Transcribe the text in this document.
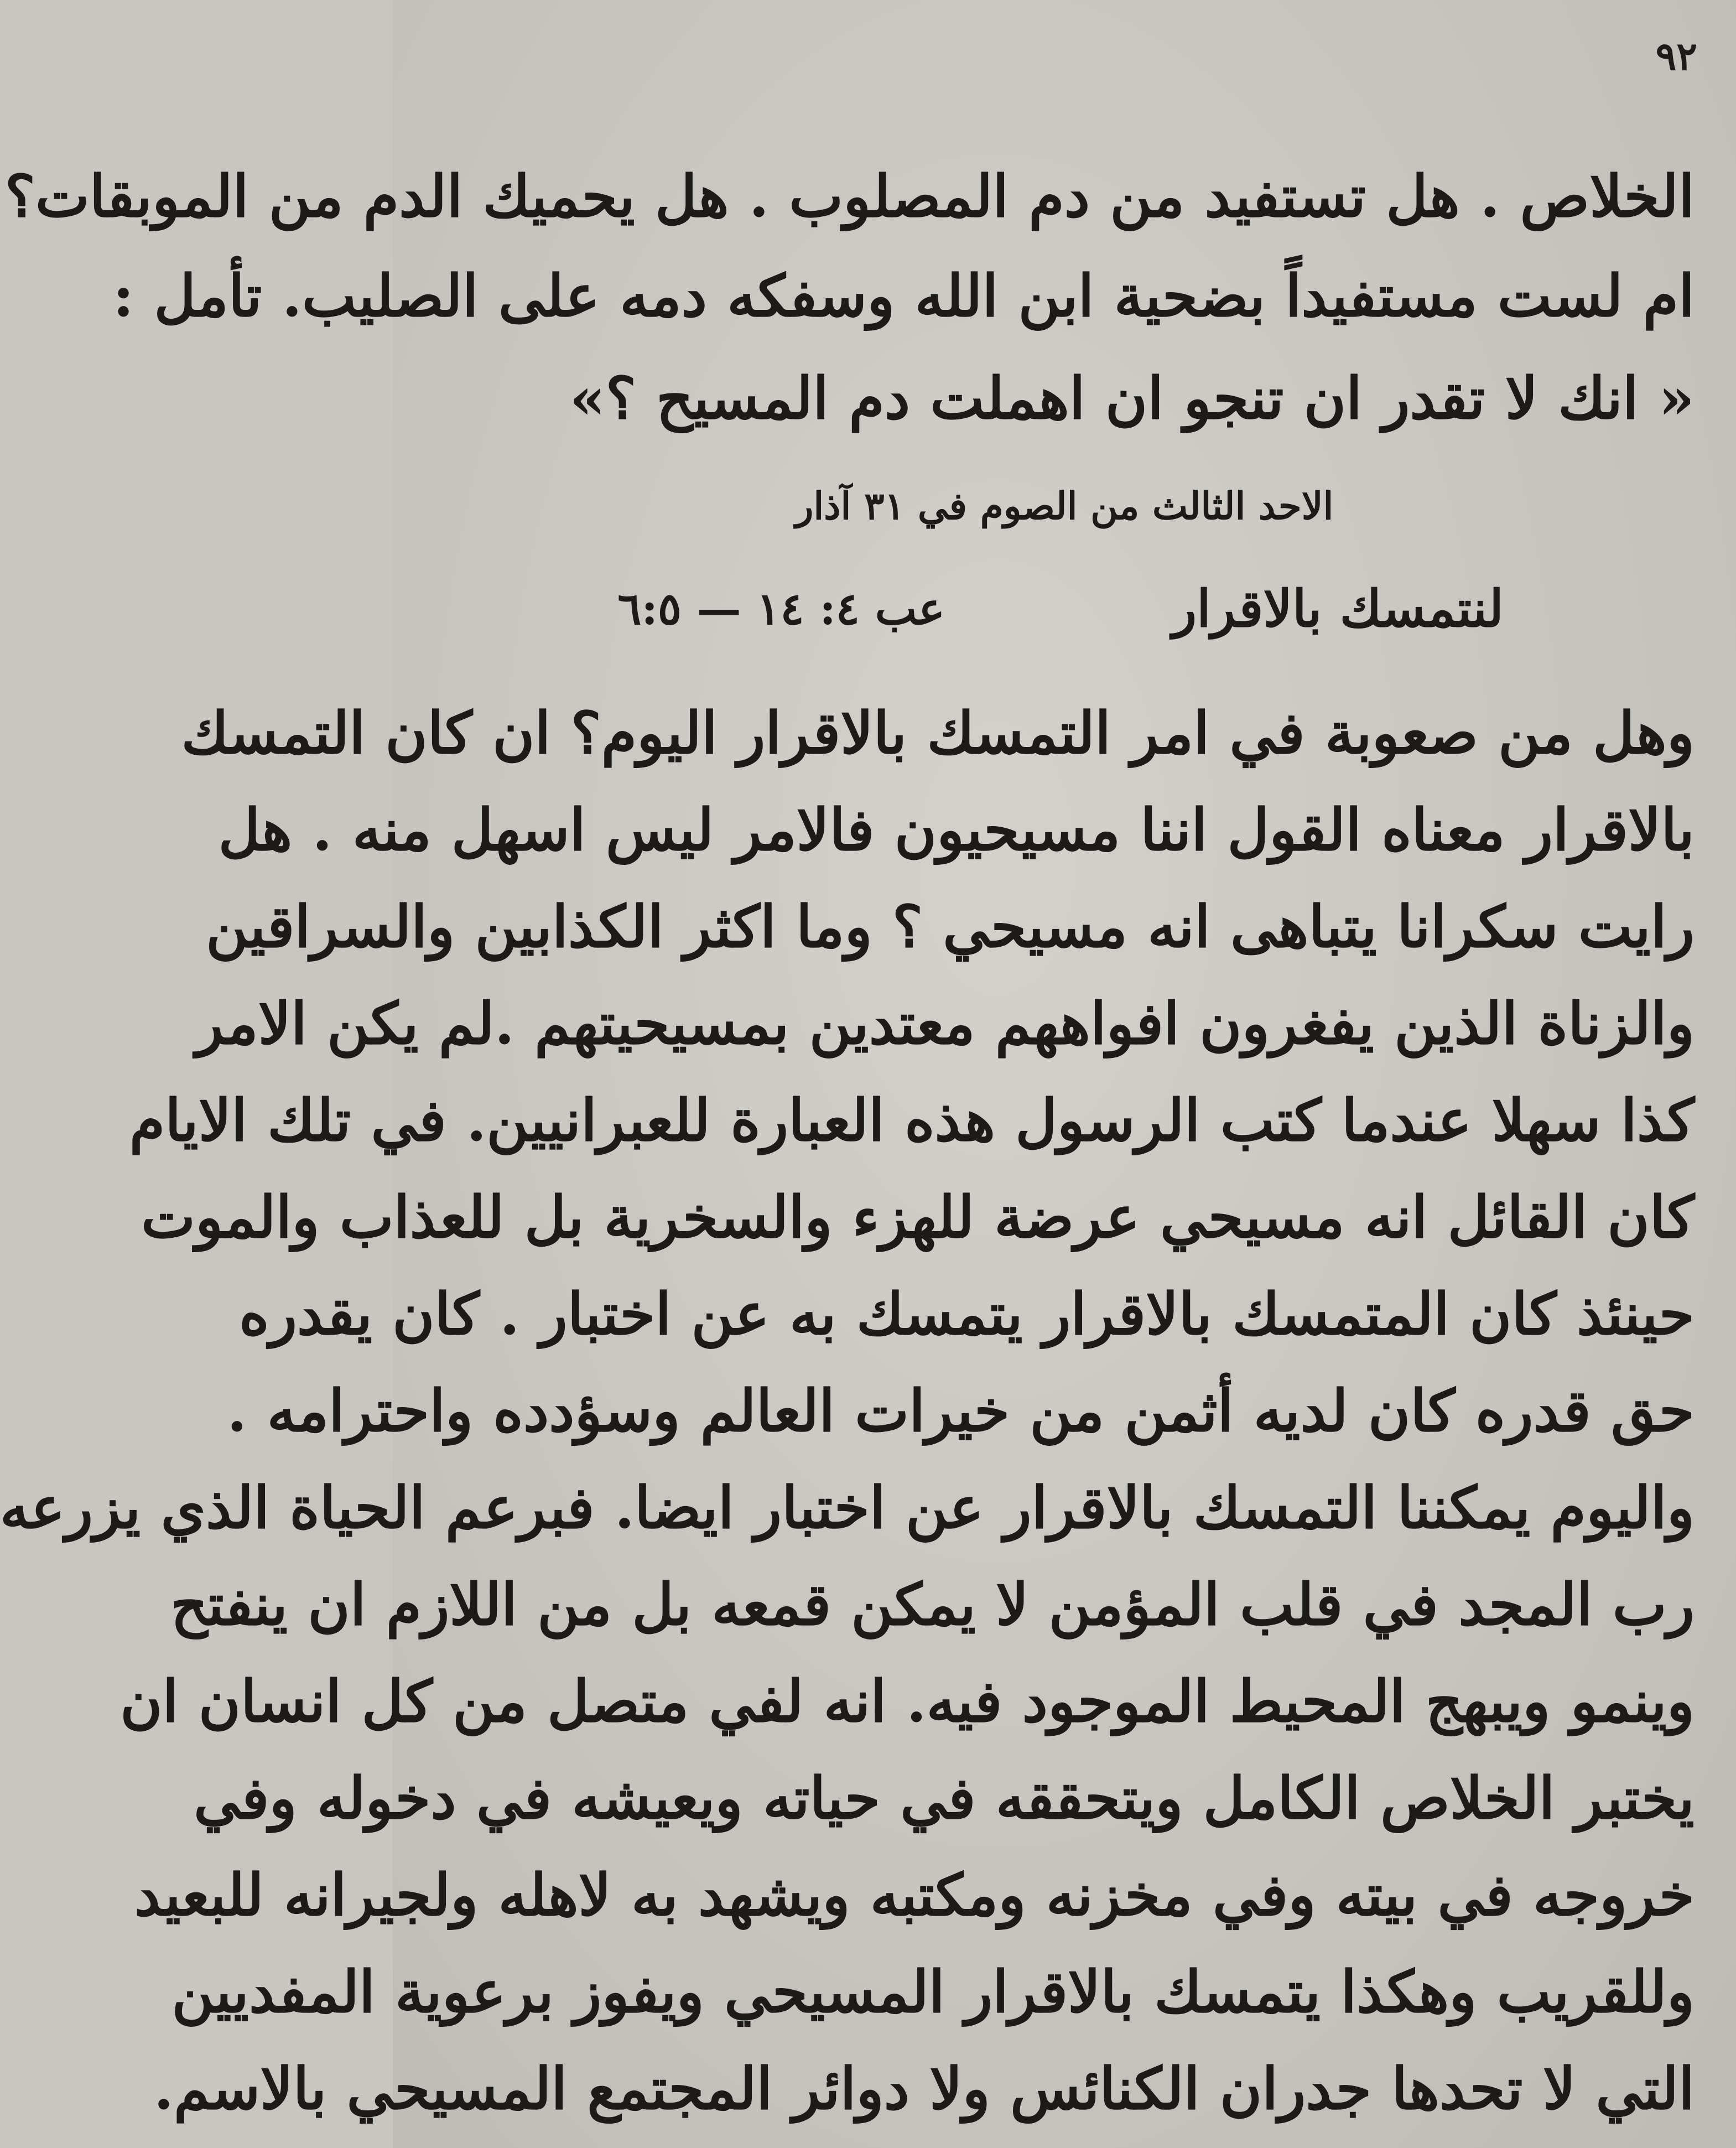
٩٢
الخلاص . هل تستفيد من دم المصلوب . هل يحميك الدم من الموبقات؟
ام لست مستفيداً بضحية ابن الله وسفكه دمه على الصليب. تأمل :
« انك لا تقدر ان تنجو ان اهملت دم المسيح ؟»
الاحد الثالث من الصوم في ٣١ آذار
لنتمسك بالاقرار
عب ٤: ١٤ — ٦:٥
وهل من صعوبة في امر التمسك بالاقرار اليوم؟ ان كان التمسك
بالاقرار معناه القول اننا مسيحيون فالامر ليس اسهل منه . هل
رايت سكرانا يتباهى انه مسيحي ؟ وما اكثر الكذابين والسراقين
والزناة الذين يفغرون افواههم معتدين بمسيحيتهم .لم يكن الامر
كذا سهلا عندما كتب الرسول هذه العبارة للعبرانيين. في تلك الايام
كان القائل انه مسيحي عرضة للهزء والسخرية بل للعذاب والموت
حينئذ كان المتمسك بالاقرار يتمسك به عن اختبار . كان يقدره
حق قدره كان لديه أثمن من خيرات العالم وسؤدده واحترامه .
واليوم يمكننا التمسك بالاقرار عن اختبار ايضا. فبرعم الحياة الذي يزرعه
رب المجد في قلب المؤمن لا يمكن قمعه بل من اللازم ان ينفتح
وينمو ويبهج المحيط الموجود فيه. انه لفي متصل من كل انسان ان
يختبر الخلاص الكامل ويتحققه في حياته ويعيشه في دخوله وفي
خروجه في بيته وفي مخزنه ومكتبه ويشهد به لاهله ولجيرانه للبعيد
وللقريب وهكذا يتمسك بالاقرار المسيحي ويفوز برعوية المفديين
التي لا تحدها جدران الكنائس ولا دوائر المجتمع المسيحي بالاسم.
